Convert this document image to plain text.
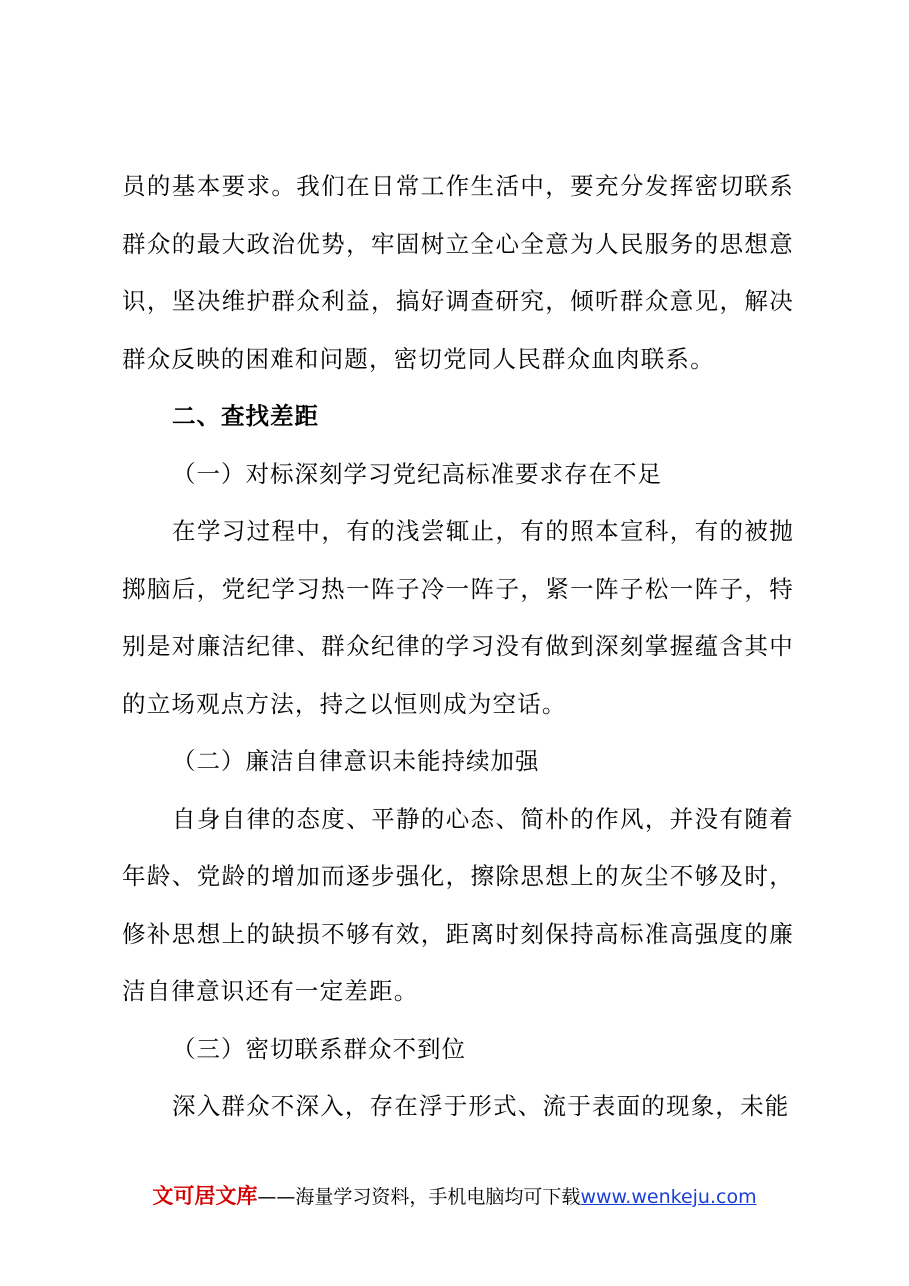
员的基本要求。我们在日常工作生活中，要充分发挥密切联系群众的最大政治优势，牢固树立全心全意为人民服务的思想意识，坚决维护群众利益，搞好调查研究，倾听群众意见，解决群众反映的困难和问题，密切党同人民群众血肉联系。

二、查找差距

（一）对标深刻学习党纪高标准要求存在不足

在学习过程中，有的浅尝辄止，有的照本宣科，有的被抛掷脑后，党纪学习热一阵子冷一阵子，紧一阵子松一阵子，特别是对廉洁纪律、群众纪律的学习没有做到深刻掌握蕴含其中的立场观点方法，持之以恒则成为空话。

（二）廉洁自律意识未能持续加强

自身自律的态度、平静的心态、简朴的作风，并没有随着年龄、党龄的增加而逐步强化，擦除思想上的灰尘不够及时，修补思想上的缺损不够有效，距离时刻保持高标准高强度的廉洁自律意识还有一定差距。

（三）密切联系群众不到位

深入群众不深入，存在浮于形式、流于表面的现象，未能

文可居文库——海量学习资料，手机电脑均可下载www.wenkeju.com
